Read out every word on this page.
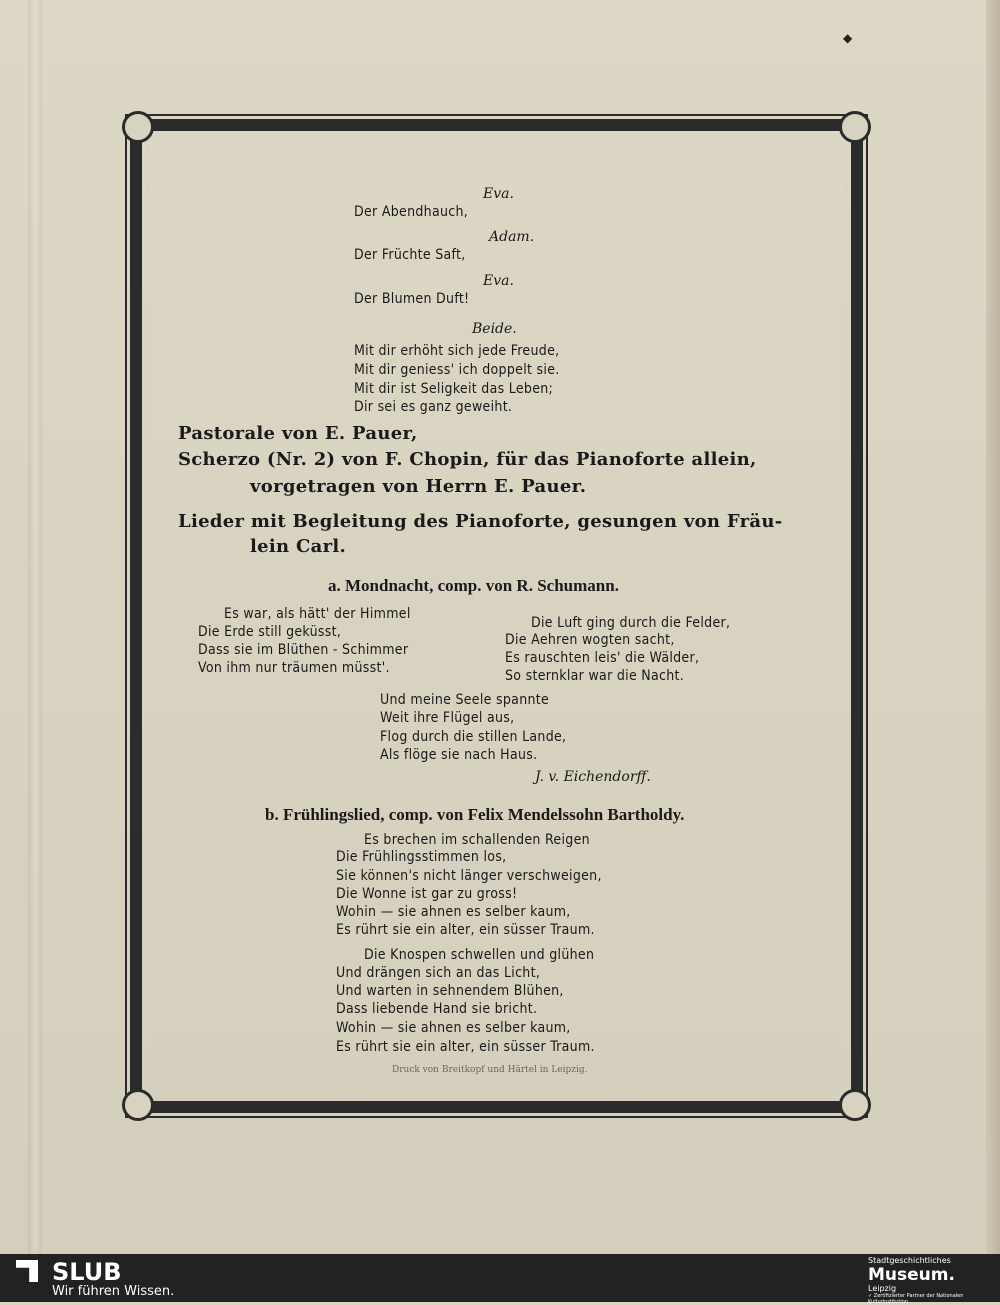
◆
Eva.
Der Abendhauch,
Adam.
Der Früchte Saft,
Eva.
Der Blumen Duft!
Beide.
Mit dir erhöht sich jede Freude,
Mit dir geniess' ich doppelt sie.
Mit dir ist Seligkeit das Leben;
Dir sei es ganz geweiht.
Pastorale von E. Pauer,
Scherzo (Nr. 2) von F. Chopin, für das Pianoforte allein,
vorgetragen von Herrn E. Pauer.
Lieder mit Begleitung des Pianoforte, gesungen von Fräu-
lein Carl.
a. Mondnacht, comp. von R. Schumann.
Es war, als hätt' der Himmel
Die Erde still geküsst,
Dass sie im Blüthen - Schimmer
Von ihm nur träumen müsst'.
Die Luft ging durch die Felder,
Die Aehren wogten sacht,
Es rauschten leis' die Wälder,
So sternklar war die Nacht.
Und meine Seele spannte
Weit ihre Flügel aus,
Flog durch die stillen Lande,
Als flöge sie nach Haus.
J. v. Eichendorff.
b. Frühlingslied, comp. von Felix Mendelssohn Bartholdy.
Es brechen im schallenden Reigen
Die Frühlingsstimmen los,
Sie können's nicht länger verschweigen,
Die Wonne ist gar zu gross!
Wohin — sie ahnen es selber kaum,
Es rührt sie ein alter, ein süsser Traum.
Die Knospen schwellen und glühen
Und drängen sich an das Licht,
Und warten in sehnendem Blühen,
Dass liebende Hand sie bricht.
Wohin — sie ahnen es selber kaum,
Es rührt sie ein alter, ein süsser Traum.
Druck von Breitkopf und Härtel in Leipzig.
SLUB
Wir führen Wissen.
Stadtgeschichtliches
Museum.
Leipzig
✓ Zertifizierter Partner der Nationalen Kulturinstitution
